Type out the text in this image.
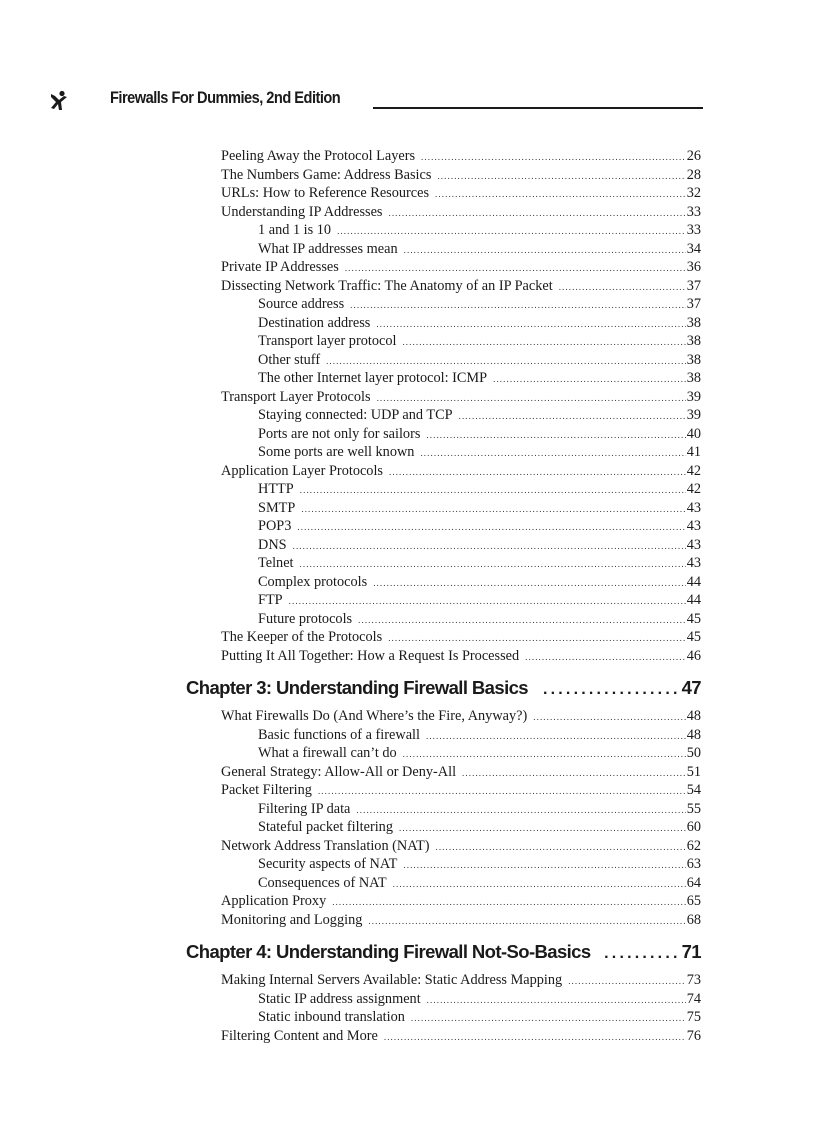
Firewalls For Dummies, 2nd Edition
Peeling Away the Protocol Layers .....	26
The Numbers Game: Address Basics .....	28
URLs: How to Reference Resources .....	32
Understanding IP Addresses .....	33
1 and 1 is 10 .....	33
What IP addresses mean .....	34
Private IP Addresses .....	36
Dissecting Network Traffic: The Anatomy of an IP Packet .....	37
Source address .....	37
Destination address .....	38
Transport layer protocol .....	38
Other stuff .....	38
The other Internet layer protocol: ICMP .....	38
Transport Layer Protocols .....	39
Staying connected: UDP and TCP .....	39
Ports are not only for sailors .....	40
Some ports are well known .....	41
Application Layer Protocols .....	42
HTTP .....	42
SMTP .....	43
POP3 .....	43
DNS .....	43
Telnet .....	43
Complex protocols .....	44
FTP .....	44
Future protocols .....	45
The Keeper of the Protocols .....	45
Putting It All Together: How a Request Is Processed .....	46
Chapter 3: Understanding Firewall Basics .....	47
What Firewalls Do (And Where’s the Fire, Anyway?) .....	48
Basic functions of a firewall .....	48
What a firewall can’t do .....	50
General Strategy: Allow-All or Deny-All .....	51
Packet Filtering .....	54
Filtering IP data .....	55
Stateful packet filtering .....	60
Network Address Translation (NAT) .....	62
Security aspects of NAT .....	63
Consequences of NAT .....	64
Application Proxy .....	65
Monitoring and Logging .....	68
Chapter 4: Understanding Firewall Not-So-Basics .....	71
Making Internal Servers Available: Static Address Mapping .....	73
Static IP address assignment .....	74
Static inbound translation .....	75
Filtering Content and More .....	76
